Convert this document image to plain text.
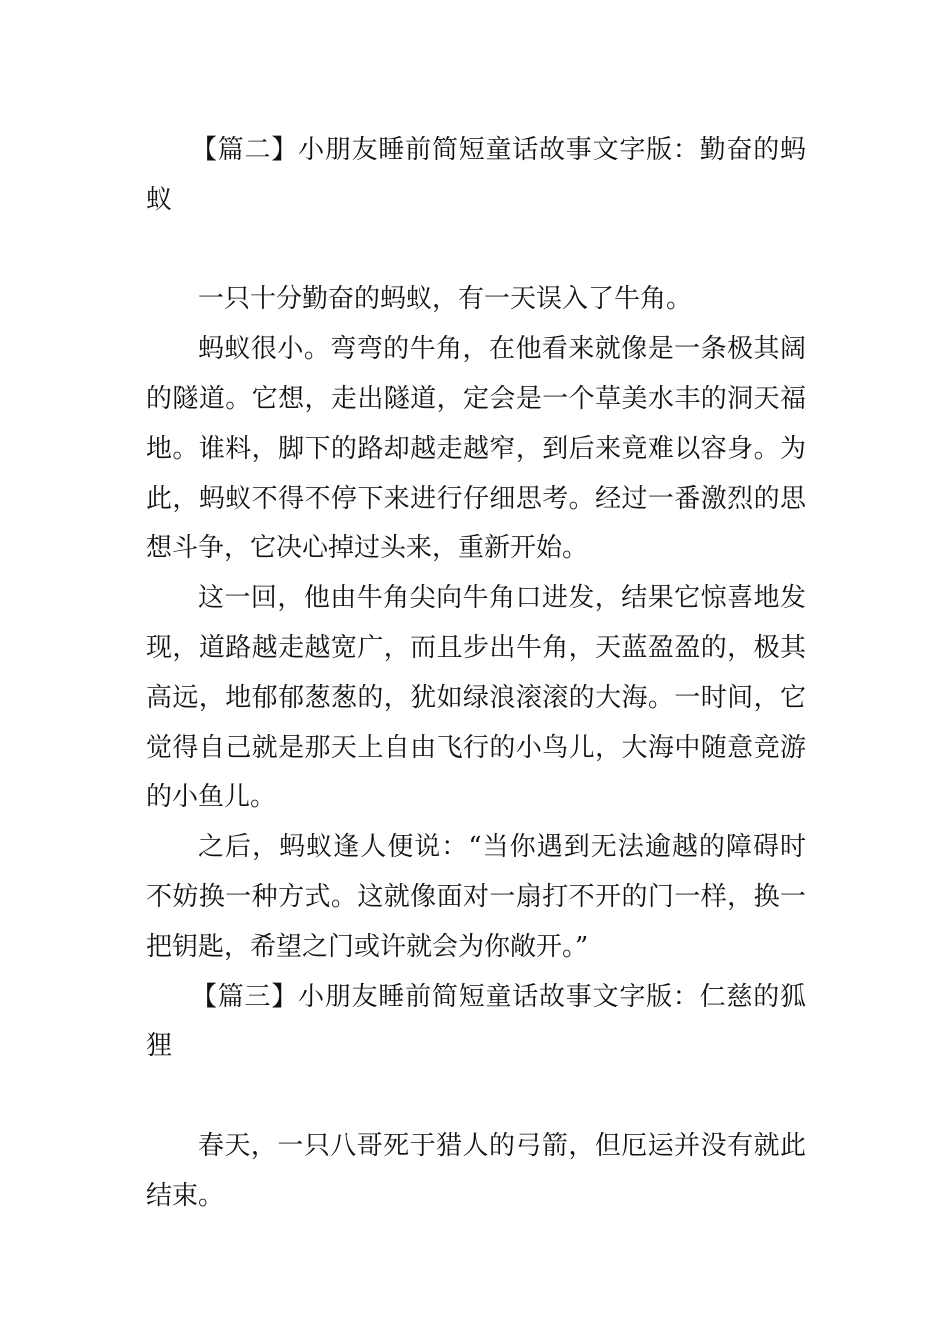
【篇二】小朋友睡前简短童话故事文字版：勤奋的蚂蚁

一只十分勤奋的蚂蚁，有一天误入了牛角。

蚂蚁很小。弯弯的牛角，在他看来就像是一条极其阔的隧道。它想，走出隧道，定会是一个草美水丰的洞天福地。谁料，脚下的路却越走越窄，到后来竟难以容身。为此，蚂蚁不得不停下来进行仔细思考。经过一番激烈的思想斗争，它决心掉过头来，重新开始。

这一回，他由牛角尖向牛角口进发，结果它惊喜地发现，道路越走越宽广，而且步出牛角，天蓝盈盈的，极其高远，地郁郁葱葱的，犹如绿浪滚滚的大海。一时间，它觉得自己就是那天上自由飞行的小鸟儿，大海中随意竞游的小鱼儿。

之后，蚂蚁逢人便说：“当你遇到无法逾越的障碍时不妨换一种方式。这就像面对一扇打不开的门一样，换一把钥匙，希望之门或许就会为你敞开。”

【篇三】小朋友睡前简短童话故事文字版：仁慈的狐狸

春天，一只八哥死于猎人的弓箭，但厄运并没有就此结束。
